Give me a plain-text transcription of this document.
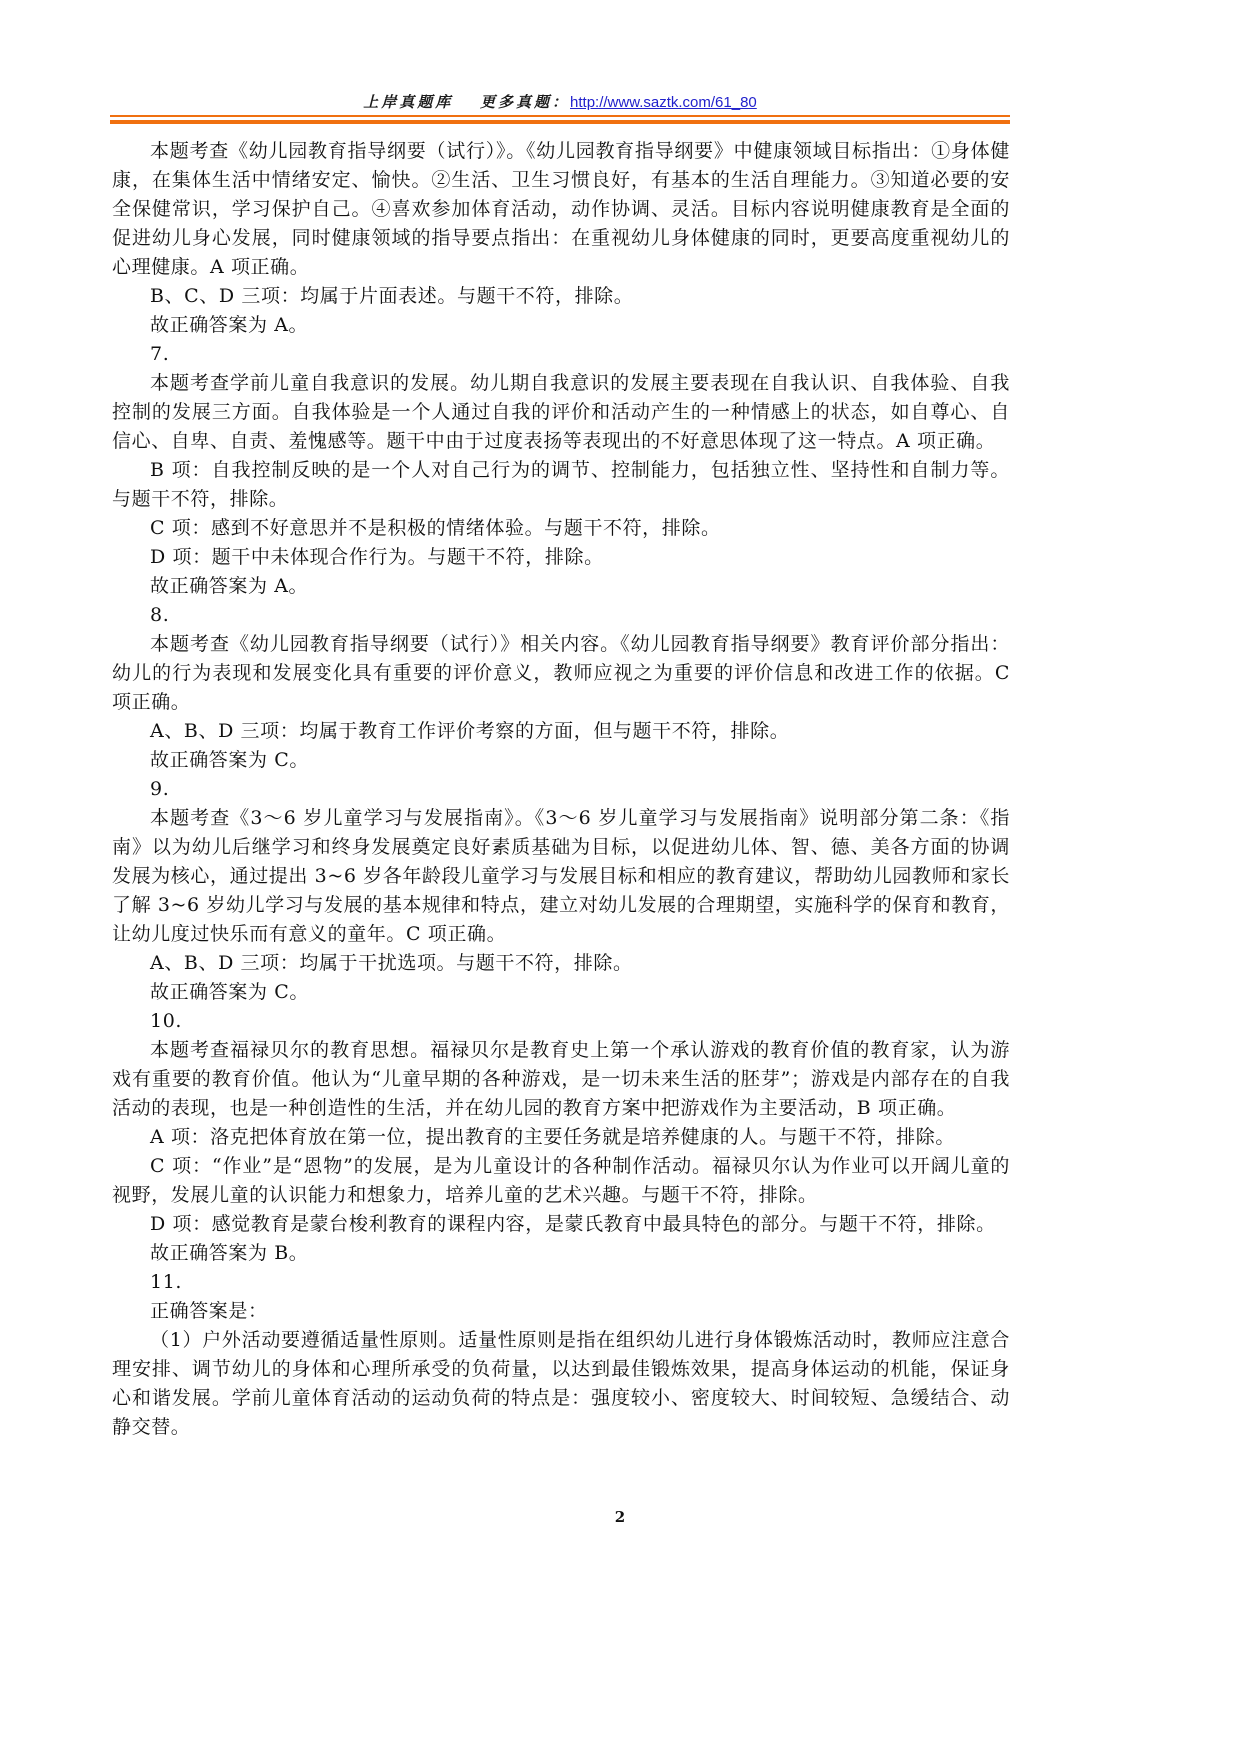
上岸真题库 更多真题：http://www.saztk.com/61_80

本题考查《幼儿园教育指导纲要（试行）》。《幼儿园教育指导纲要》中健康领域目标指出：①身体健康，在集体生活中情绪安定、愉快。②生活、卫生习惯良好，有基本的生活自理能力。③知道必要的安全保健常识，学习保护自己。④喜欢参加体育活动，动作协调、灵活。目标内容说明健康教育是全面的促进幼儿身心发展，同时健康领域的指导要点指出：在重视幼儿身体健康的同时，更要高度重视幼儿的心理健康。A 项正确。

B、C、D 三项：均属于片面表述。与题干不符，排除。

故正确答案为 A。

7.

本题考查学前儿童自我意识的发展。幼儿期自我意识的发展主要表现在自我认识、自我体验、自我控制的发展三方面。自我体验是一个人通过自我的评价和活动产生的一种情感上的状态，如自尊心、自信心、自卑、自责、羞愧感等。题干中由于过度表扬等表现出的不好意思体现了这一特点。A 项正确。

B 项：自我控制反映的是一个人对自己行为的调节、控制能力，包括独立性、坚持性和自制力等。与题干不符，排除。

C 项：感到不好意思并不是积极的情绪体验。与题干不符，排除。

D 项：题干中未体现合作行为。与题干不符，排除。

故正确答案为 A。

8.

本题考查《幼儿园教育指导纲要（试行）》相关内容。《幼儿园教育指导纲要》教育评价部分指出：幼儿的行为表现和发展变化具有重要的评价意义，教师应视之为重要的评价信息和改进工作的依据。C 项正确。

A、B、D 三项：均属于教育工作评价考察的方面，但与题干不符，排除。

故正确答案为 C。

9.

本题考查《3～6 岁儿童学习与发展指南》。《3～6 岁儿童学习与发展指南》说明部分第二条：《指南》以为幼儿后继学习和终身发展奠定良好素质基础为目标，以促进幼儿体、智、德、美各方面的协调发展为核心，通过提出 3~6 岁各年龄段儿童学习与发展目标和相应的教育建议，帮助幼儿园教师和家长了解 3~6 岁幼儿学习与发展的基本规律和特点，建立对幼儿发展的合理期望，实施科学的保育和教育，让幼儿度过快乐而有意义的童年。C 项正确。

A、B、D 三项：均属于干扰选项。与题干不符，排除。

故正确答案为 C。

10.

本题考查福禄贝尔的教育思想。福禄贝尔是教育史上第一个承认游戏的教育价值的教育家，认为游戏有重要的教育价值。他认为“儿童早期的各种游戏，是一切未来生活的胚芽”；游戏是内部存在的自我活动的表现，也是一种创造性的生活，并在幼儿园的教育方案中把游戏作为主要活动，B 项正确。

A 项：洛克把体育放在第一位，提出教育的主要任务就是培养健康的人。与题干不符，排除。

C 项：“作业”是“恩物”的发展，是为儿童设计的各种制作活动。福禄贝尔认为作业可以开阔儿童的视野，发展儿童的认识能力和想象力，培养儿童的艺术兴趣。与题干不符，排除。

D 项：感觉教育是蒙台梭利教育的课程内容，是蒙氏教育中最具特色的部分。与题干不符，排除。

故正确答案为 B。

11.

正确答案是：

（1）户外活动要遵循适量性原则。适量性原则是指在组织幼儿进行身体锻炼活动时，教师应注意合理安排、调节幼儿的身体和心理所承受的负荷量，以达到最佳锻炼效果，提高身体运动的机能，保证身心和谐发展。学前儿童体育活动的运动负荷的特点是：强度较小、密度较大、时间较短、急缓结合、动静交替。

2
